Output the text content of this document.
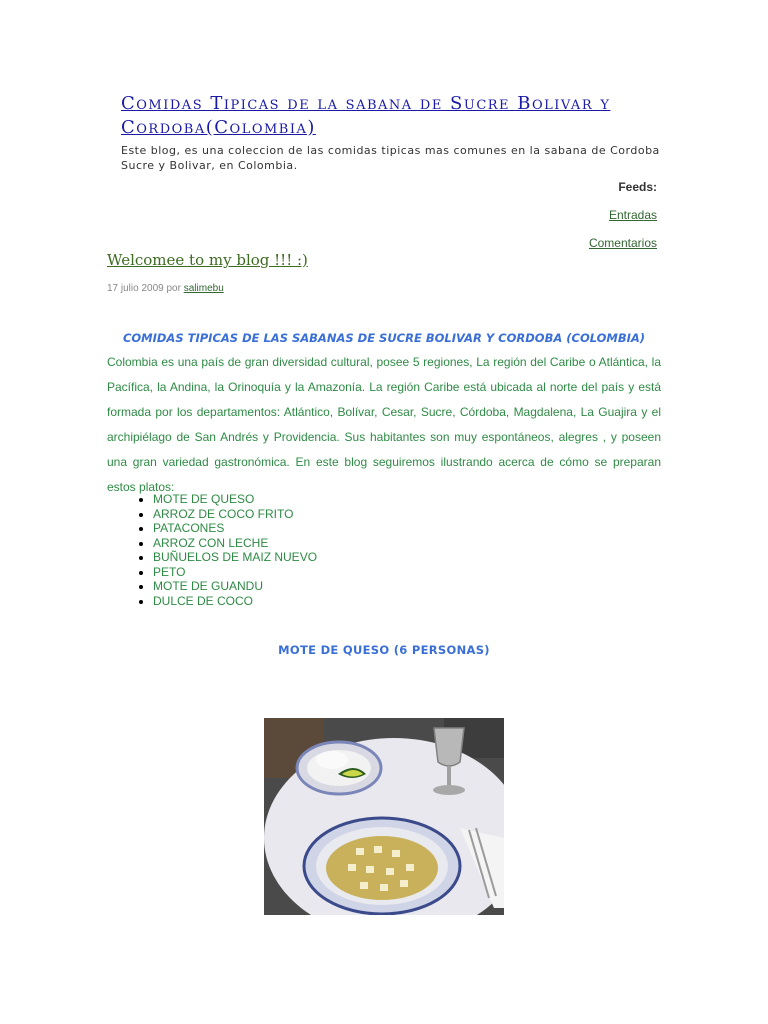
Comidas Tipicas de la sabana de Sucre Bolivar y Cordoba(Colombia)
Este blog, es una coleccion de las comidas tipicas mas comunes en la sabana de Cordoba Sucre y Bolivar, en Colombia.
Feeds:
Entradas
Comentarios
Welcomee to my blog !!! :)
17 julio 2009 por salimebu
COMIDAS TIPICAS DE LAS SABANAS DE SUCRE BOLIVAR Y CORDOBA (COLOMBIA)

Colombia es una país de gran diversidad cultural, posee 5 regiones, La región del Caribe o Atlántica, la Pacífica, la Andina, la Orinoquía y la Amazonía. La región Caribe está ubicada al norte del país y está formada por los departamentos: Atlántico, Bolívar, Cesar, Sucre, Córdoba, Magdalena, La Guajira y el archipiélago de San Andrés y Providencia. Sus habitantes son muy espontáneos, alegres , y poseen una gran variedad gastronómica. En este blog seguiremos ilustrando acerca de cómo se preparan estos platos:

• MOTE DE QUESO
• ARROZ DE COCO FRITO
• PATACONES
• ARROZ CON LECHE
• BUÑUELOS DE MAIZ NUEVO
• PETO
• MOTE DE GUANDU
• DULCE DE COCO
MOTE DE QUESO (6 PERSONAS)
